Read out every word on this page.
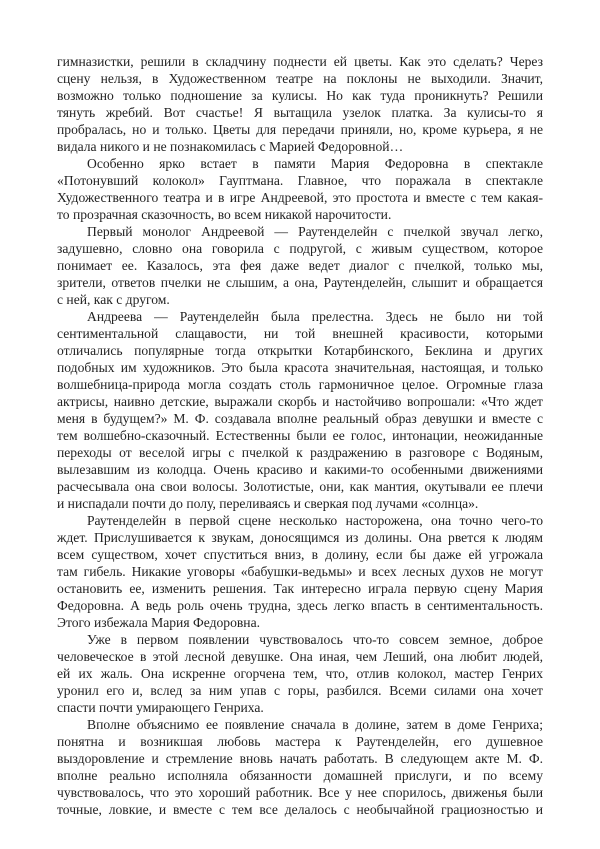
гимназистки, решили в складчину поднести ей цветы. Как это сделать? Через
сцену нельзя, в Художественном театре на поклоны не выходили. Значит,
возможно только подношение за кулисы. Но как туда проникнуть? Решили
тянуть жребий. Вот счастье! Я вытащила узелок платка. За кулисы-то я
пробралась, но и только. Цветы для передачи приняли, но, кроме курьера, я не
видала никого и не познакомилась с Марией Федоровной…
Особенно ярко встает в памяти Мария Федоровна в спектакле
«Потонувший колокол» Гауптмана. Главное, что поражала в спектакле
Художественного театра и в игре Андреевой, это простота и вместе с тем какая-
то прозрачная сказочность, во всем никакой нарочитости.
Первый монолог Андреевой — Раутенделейн с пчелкой звучал легко,
задушевно, словно она говорила с подругой, с живым существом, которое
понимает ее. Казалось, эта фея даже ведет диалог с пчелкой, только мы,
зрители, ответов пчелки не слышим, а она, Раутенделейн, слышит и обращается
с ней, как с другом.
Андреева — Раутенделейн была прелестна. Здесь не было ни той
сентиментальной слащавости, ни той внешней красивости, которыми
отличались популярные тогда открытки Котарбинского, Беклина и других
подобных им художников. Это была красота значительная, настоящая, и только
волшебница-природа могла создать столь гармоничное целое. Огромные глаза
актрисы, наивно детские, выражали скорбь и настойчиво вопрошали: «Что ждет
меня в будущем?» М. Ф. создавала вполне реальный образ девушки и вместе с
тем волшебно-сказочный. Естественны были ее голос, интонации, неожиданные
переходы от веселой игры с пчелкой к раздражению в разговоре с Водяным,
вылезавшим из колодца. Очень красиво и какими-то особенными движениями
расчесывала она свои волосы. Золотистые, они, как мантия, окутывали ее плечи
и ниспадали почти до полу, переливаясь и сверкая под лучами «солнца».
Раутенделейн в первой сцене несколько насторожена, она точно чего-то
ждет. Прислушивается к звукам, доносящимся из долины. Она рвется к людям
всем существом, хочет спуститься вниз, в долину, если бы даже ей угрожала
там гибель. Никакие уговоры «бабушки-ведьмы» и всех лесных духов не могут
остановить ее, изменить решения. Так интересно играла первую сцену Мария
Федоровна. А ведь роль очень трудна, здесь легко впасть в сентиментальность.
Этого избежала Мария Федоровна.
Уже в первом появлении чувствовалось что-то совсем земное, доброе
человеческое в этой лесной девушке. Она иная, чем Леший, она любит людей,
ей их жаль. Она искренне огорчена тем, что, отлив колокол, мастер Генрих
уронил его и, вслед за ним упав с горы, разбился. Всеми силами она хочет
спасти почти умирающего Генриха.
Вполне объяснимо ее появление сначала в долине, затем в доме Генриха;
понятна и возникшая любовь мастера к Раутенделейн, его душевное
выздоровление и стремление вновь начать работать. В следующем акте М. Ф.
вполне реально исполняла обязанности домашней прислуги, и по всему
чувствовалось, что это хороший работник. Все у нее спорилось, движенья были
точные, ловкие, и вместе с тем все делалось с необычайной грациозностью и
